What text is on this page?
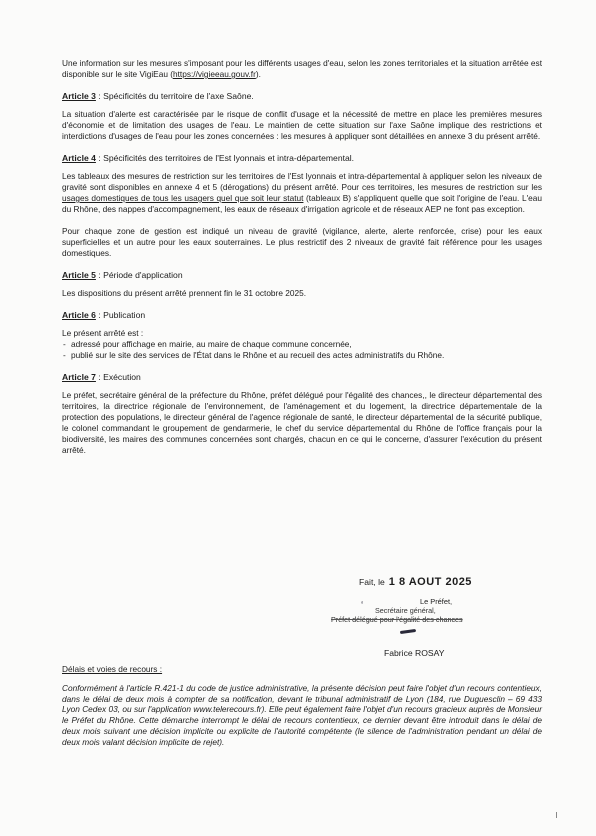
Une information sur les mesures s'imposant pour les différents usages d'eau, selon les zones territoriales et la situation arrêtée est disponible sur le site VigiEau (https://vigieeau.gouv.fr).

Article 3 : Spécificités du territoire de l'axe Saône.

La situation d'alerte est caractérisée par le risque de conflit d'usage et la nécessité de mettre en place les premières mesures d'économie et de limitation des usages de l'eau. Le maintien de cette situation sur l'axe Saône implique des restrictions et interdictions d'usages de l'eau pour les zones concernées : les mesures à appliquer sont détaillées en annexe 3 du présent arrêté.

Article 4 : Spécificités des territoires de l'Est lyonnais et intra-départemental.

Les tableaux des mesures de restriction sur les territoires de l'Est lyonnais et intra-départemental à appliquer selon les niveaux de gravité sont disponibles en annexe 4 et 5 (dérogations) du présent arrêté. Pour ces territoires, les mesures de restriction sur les usages domestiques de tous les usagers quel que soit leur statut (tableaux B) s'appliquent quelle que soit l'origine de l'eau. L'eau du Rhône, des nappes d'accompagnement, les eaux de réseaux d'irrigation agricole et de réseaux AEP ne font pas exception.

Pour chaque zone de gestion est indiqué un niveau de gravité (vigilance, alerte, alerte renforcée, crise) pour les eaux superficielles et un autre pour les eaux souterraines. Le plus restrictif des 2 niveaux de gravité fait référence pour les usages domestiques.

Article 5 : Période d'application

Les dispositions du présent arrêté prennent fin le 31 octobre 2025.

Article 6 : Publication

Le présent arrêté est :

- adressé pour affichage en mairie, au maire de chaque commune concernée,
- publié sur le site des services de l'État dans le Rhône et au recueil des actes administratifs du Rhône.
Article 7 : Exécution

Le préfet, secrétaire général de la préfecture du Rhône, préfet délégué pour l'égalité des chances,, le directeur départemental des territoires, la directrice régionale de l'environnement, de l'aménagement et du logement, la directrice départementale de la protection des populations, le directeur général de l'agence régionale de santé, le directeur départemental de la sécurité publique, le colonel commandant le groupement de gendarmerie, le chef du service départemental du Rhône de l'office français pour la biodiversité, les maires des communes concernées sont chargés, chacun en ce qui le concerne, d'assurer l'exécution du présent arrêté.

Fait, le 1 8 AOUT 2025
‘	Le Préfet,
Secrétaire général,
Préfet délégué pour l'égalité des chances
Fabrice ROSAY
Délais et voies de recours :

Conformément à l'article R.421-1 du code de justice administrative, la présente décision peut faire l'objet d'un recours contentieux, dans le délai de deux mois à compter de sa notification, devant le tribunal administratif de Lyon (184, rue Duguesclin – 69 433 Lyon Cedex 03, ou sur l'application www.telerecours.fr). Elle peut également faire l'objet d'un recours gracieux auprès de Monsieur le Préfet du Rhône. Cette démarche interrompt le délai de recours contentieux, ce dernier devant être introduit dans le délai de deux mois suivant une décision implicite ou explicite de l'autorité compétente (le silence de l'administration pendant un délai de deux mois valant décision implicite de rejet).
